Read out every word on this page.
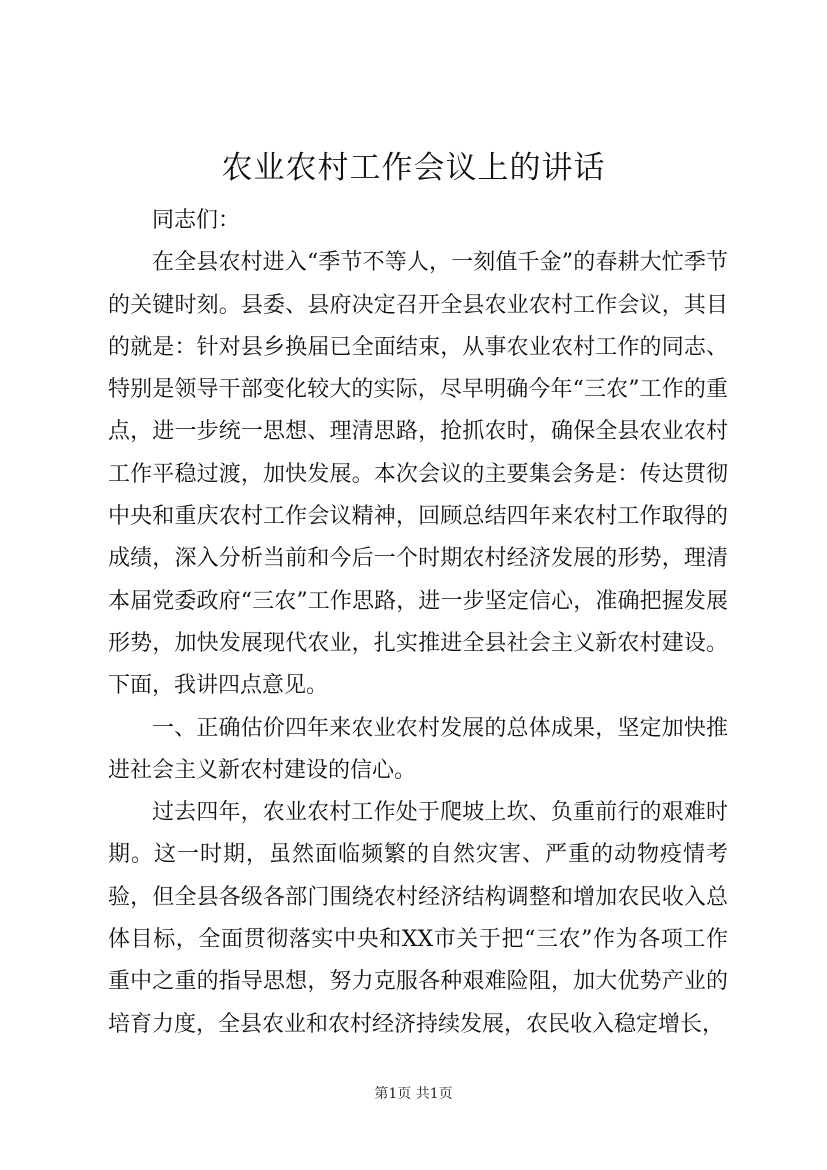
农业农村工作会议上的讲话

同志们：

在全县农村进入“季节不等人，一刻值千金”的春耕大忙季节的关键时刻。县委、县府决定召开全县农业农村工作会议，其目的就是：针对县乡换届已全面结束，从事农业农村工作的同志、特别是领导干部变化较大的实际，尽早明确今年“三农”工作的重点，进一步统一思想、理清思路，抢抓农时，确保全县农业农村工作平稳过渡，加快发展。本次会议的主要集会务是：传达贯彻中央和重庆农村工作会议精神，回顾总结四年来农村工作取得的成绩，深入分析当前和今后一个时期农村经济发展的形势，理清本届党委政府“三农”工作思路，进一步坚定信心，准确把握发展形势，加快发展现代农业，扎实推进全县社会主义新农村建设。下面，我讲四点意见。

一、正确估价四年来农业农村发展的总体成果，坚定加快推进社会主义新农村建设的信心。

过去四年，农业农村工作处于爬坡上坎、负重前行的艰难时期。这一时期，虽然面临频繁的自然灾害、严重的动物疫情考验，但全县各级各部门围绕农村经济结构调整和增加农民收入总体目标，全面贯彻落实中央和XX市关于把“三农”作为各项工作重中之重的指导思想，努力克服各种艰难险阻，加大优势产业的培育力度，全县农业和农村经济持续发展，农民收入稳定增长，

第1页 共1页
